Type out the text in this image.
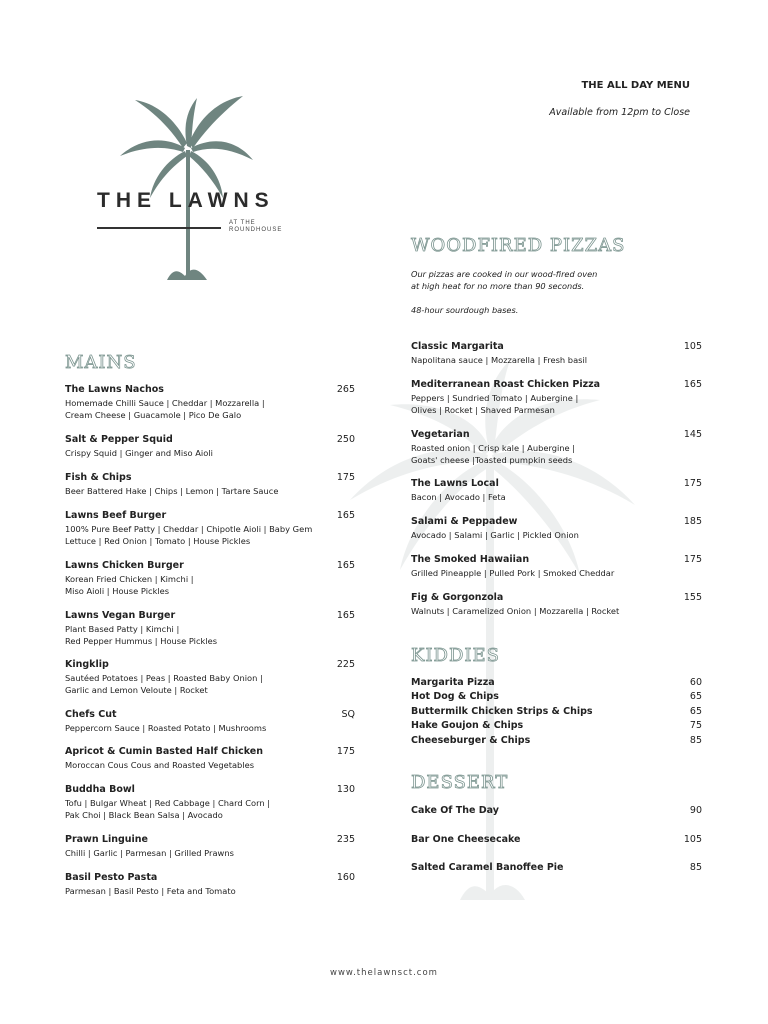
THE LAWNS
AT THE
ROUNDHOUSE
THE ALL DAY MENU
Available from 12pm to Close
WOODFIRED PIZZAS

Our pizzas are cooked in our wood-fired oven
at high heat for no more than 90 seconds.

48-hour sourdough bases.

Classic Margarita	105
Napolitana sauce | Mozzarella | Fresh basil
Mediterranean Roast Chicken Pizza	165
Peppers | Sundried Tomato | Aubergine |
Olives | Rocket | Shaved Parmesan
Vegetarian	145
Roasted onion | Crisp kale | Aubergine |
Goats' cheese |Toasted pumpkin seeds
The Lawns Local	175
Bacon | Avocado | Feta
Salami & Peppadew	185
Avocado | Salami | Garlic | Pickled Onion
The Smoked Hawaiian	175
Grilled Pineapple | Pulled Pork | Smoked Cheddar
Fig & Gorgonzola	155
Walnuts | Caramelized Onion | Mozzarella | Rocket
MAINS
The Lawns Nachos	265
Homemade Chilli Sauce | Cheddar | Mozzarella |
Cream Cheese | Guacamole | Pico De Galo
Salt & Pepper Squid	250
Crispy Squid | Ginger and Miso Aioli
Fish & Chips	175
Beer Battered Hake | Chips | Lemon | Tartare Sauce
Lawns Beef Burger	165
100% Pure Beef Patty | Cheddar | Chipotle Aioli | Baby Gem
Lettuce | Red Onion | Tomato | House Pickles
Lawns Chicken Burger	165
Korean Fried Chicken | Kimchi |
Miso Aioli | House Pickles
Lawns Vegan Burger	165
Plant Based Patty | Kimchi |
Red Pepper Hummus | House Pickles
Kingklip	225
Sautéed Potatoes | Peas | Roasted Baby Onion |
Garlic and Lemon Veloute | Rocket
Chefs Cut	SQ
Peppercorn Sauce | Roasted Potato | Mushrooms
Apricot & Cumin Basted Half Chicken	175
Moroccan Cous Cous and Roasted Vegetables
Buddha Bowl	130
Tofu | Bulgar Wheat | Red Cabbage | Chard Corn |
Pak Choi | Black Bean Salsa | Avocado
Prawn Linguine	235
Chilli | Garlic | Parmesan | Grilled Prawns
Basil Pesto Pasta	160
Parmesan | Basil Pesto | Feta and Tomato
KIDDIES
Margarita Pizza	60
Hot Dog & Chips	65
Buttermilk Chicken Strips & Chips	65
Hake Goujon & Chips	75
Cheeseburger & Chips	85
DESSERT
Cake Of The Day	90
Bar One Cheesecake	105
Salted Caramel Banoffee Pie	85
www.thelawnsct.com
